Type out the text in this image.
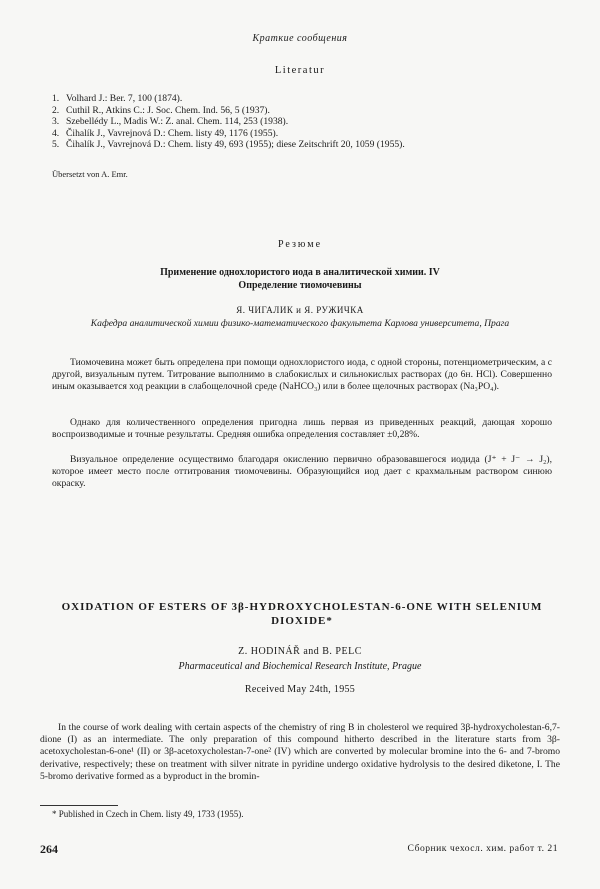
Краткие сообщения
Literatur
1. Volhard J.: Ber. 7, 100 (1874).
2. Cuthil R., Atkins C.: J. Soc. Chem. Ind. 56, 5 (1937).
3. Szebellédy L., Madis W.: Z. anal. Chem. 114, 253 (1938).
4. Čihalík J., Vavrejnová D.: Chem. listy 49, 1176 (1955).
5. Čihalík J., Vavrejnová D.: Chem. listy 49, 693 (1955); diese Zeitschrift 20, 1059 (1955).
Übersetzt von A. Emr.
Резюме
Применение однохлористого иода в аналитической химии. IV
Определение тиомочевины
Я. ЧИГАЛИК и Я. РУЖИЧКА
Кафедра аналитической химии физико-математического факультета Карлова университета, Прага
Тиомочевина может быть определена при помощи однохлористого иода, с одной стороны, потенциометрическим, а с другой, визуальным путем. Титрование выполнимо в слабокислых и сильнокислых растворах (до 6н. HCl). Совершенно иным оказывается ход реакции в слабощелочной среде (NaHCO₃) или в более щелочных растворах (Na₃PO₄).
Однако для количественного определения пригодна лишь первая из приведенных реакций, дающая хорошо воспроизводимые и точные результаты. Средняя ошибка определения составляет ±0,28%.
Визуальное определение осуществимо благодаря окислению первично образовавшегося иодида (J⁺ + J⁻ → J₂), которое имеет место после оттитрования тиомочевины. Образующийся иод дает с крахмальным раствором синюю окраску.
OXIDATION OF ESTERS OF 3β-HYDROXYCHOLESTAN-6-ONE WITH SELENIUM DIOXIDE*
Z. HODINÁŘ and B. PELC
Pharmaceutical and Biochemical Research Institute, Prague
Received May 24th, 1955

In the course of work dealing with certain aspects of the chemistry of ring B in cholesterol we required 3β-hydroxycholestan-6,7-dione (I) as an intermediate. The only preparation of this compound hitherto described in the literature starts from 3β-acetoxycholestan-6-one¹ (II) or 3β-acetoxycholestan-7-one² (IV) which are converted by molecular bromine into the 6- and 7-bromo derivative, respectively; these on treatment with silver nitrate in pyridine undergo oxidative hydrolysis to the desired diketone, I. The 5-bromo derivative formed as a byproduct in the bromin-

* Published in Czech in Chem. listy 49, 1733 (1955).
264	Сборник чехосл. хим. работ т. 21
